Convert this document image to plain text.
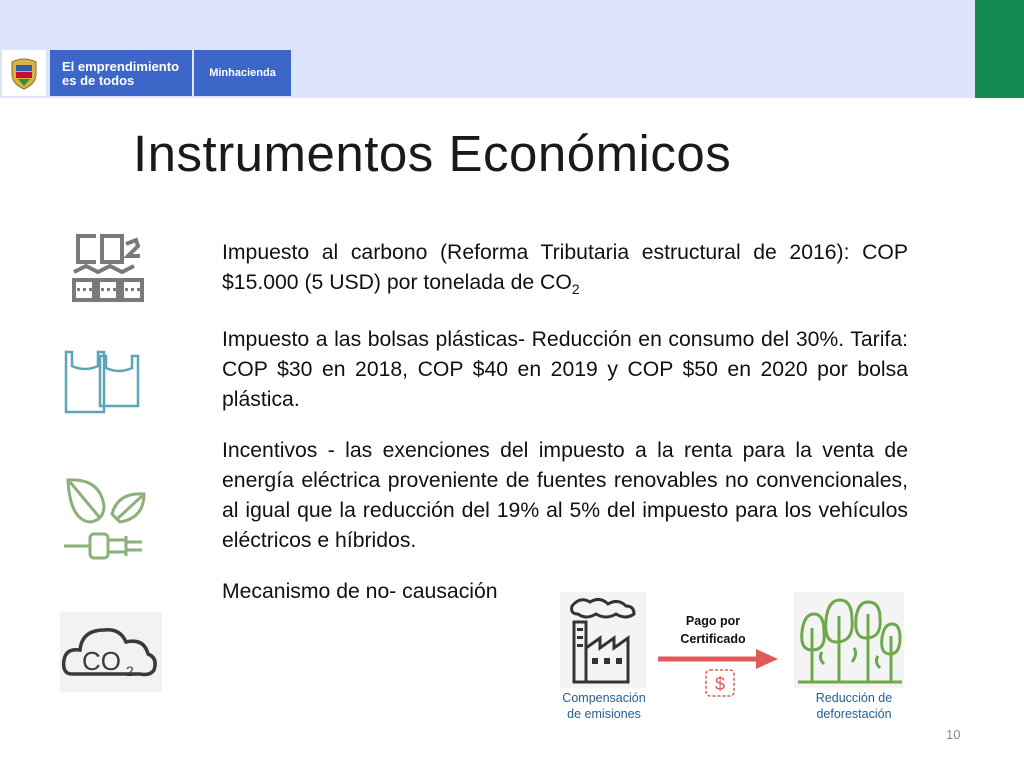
El emprendimiento
es de todos	Minhacienda
Instrumentos Económicos
CO 2

Impuesto al carbono (Reforma Tributaria estructural de 2016): COP $15.000 (5 USD) por tonelada de $CO_2$

Impuesto a las bolsas plásticas- Reducción en consumo del 30%. Tarifa: COP $30 en 2018, COP $40 en 2019 y COP $50 en 2020 por bolsa plástica.

Incentivos - las exenciones del impuesto a la renta para la venta de energía eléctrica proveniente de fuentes renovables no convencionales, al igual que la reducción del 19% al 5% del impuesto para los vehículos eléctricos e híbridos.

Mecanismo de no- causación

Compensación
de emisiones
Pago por
Certificado
$
Reducción de
deforestación
10
